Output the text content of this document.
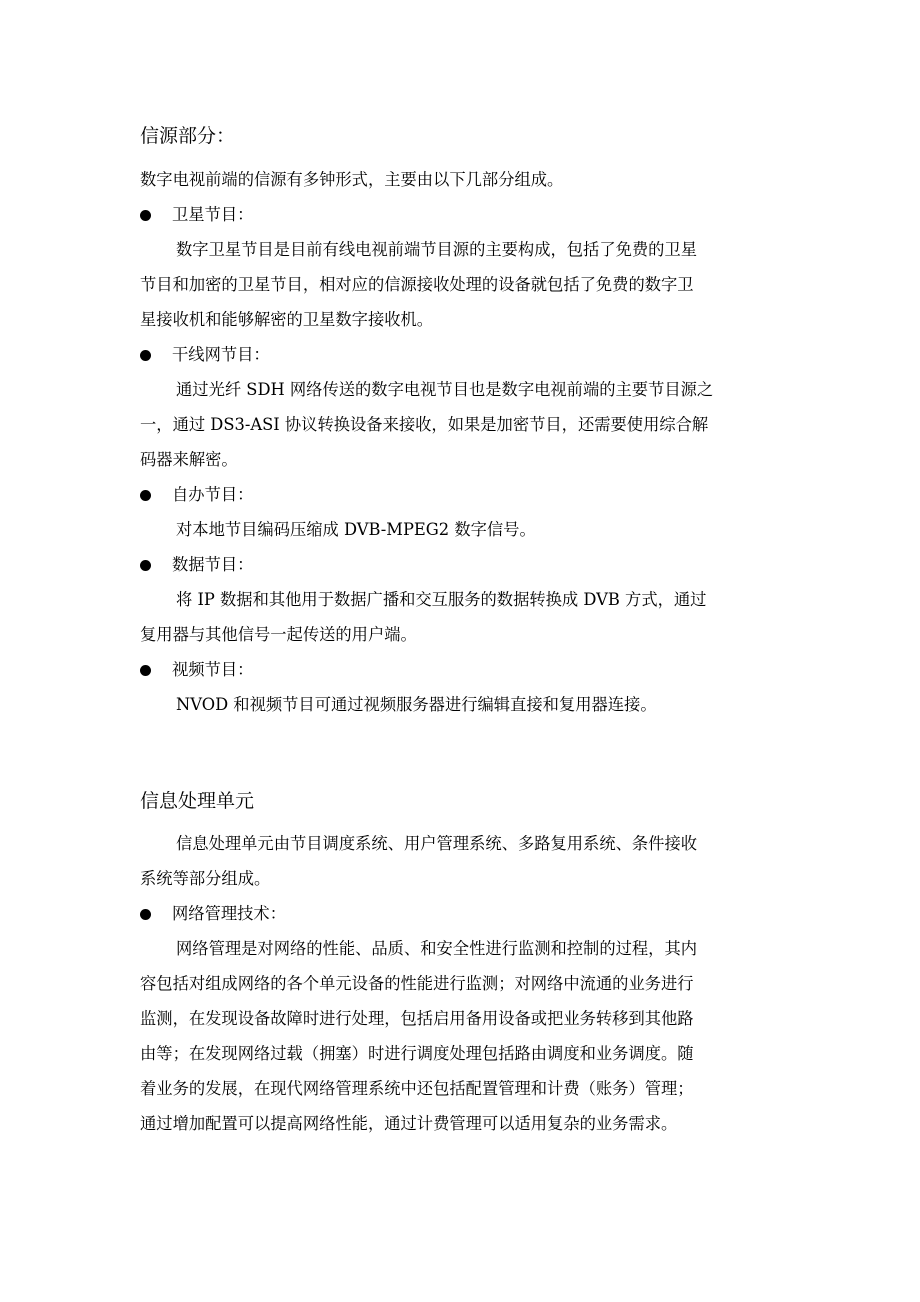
信源部分：
数字电视前端的信源有多钟形式，主要由以下几部分组成。
卫星节目：
数字卫星节目是目前有线电视前端节目源的主要构成，包括了免费的卫星
节目和加密的卫星节目，相对应的信源接收处理的设备就包括了免费的数字卫
星接收机和能够解密的卫星数字接收机。
干线网节目：
通过光纤 SDH 网络传送的数字电视节目也是数字电视前端的主要节目源之
一，通过 DS3-ASI 协议转换设备来接收，如果是加密节目，还需要使用综合解
码器来解密。
自办节目：
对本地节目编码压缩成 DVB-MPEG2 数字信号。
数据节目：
将 IP 数据和其他用于数据广播和交互服务的数据转换成 DVB 方式，通过
复用器与其他信号一起传送的用户端。
视频节目：
NVOD 和视频节目可通过视频服务器进行编辑直接和复用器连接。
信息处理单元
信息处理单元由节目调度系统、用户管理系统、多路复用系统、条件接收
系统等部分组成。
网络管理技术：
网络管理是对网络的性能、品质、和安全性进行监测和控制的过程，其内
容包括对组成网络的各个单元设备的性能进行监测；对网络中流通的业务进行
监测，在发现设备故障时进行处理，包括启用备用设备或把业务转移到其他路
由等；在发现网络过载（拥塞）时进行调度处理包括路由调度和业务调度。随
着业务的发展，在现代网络管理系统中还包括配置管理和计费（账务）管理；
通过增加配置可以提高网络性能，通过计费管理可以适用复杂的业务需求。
